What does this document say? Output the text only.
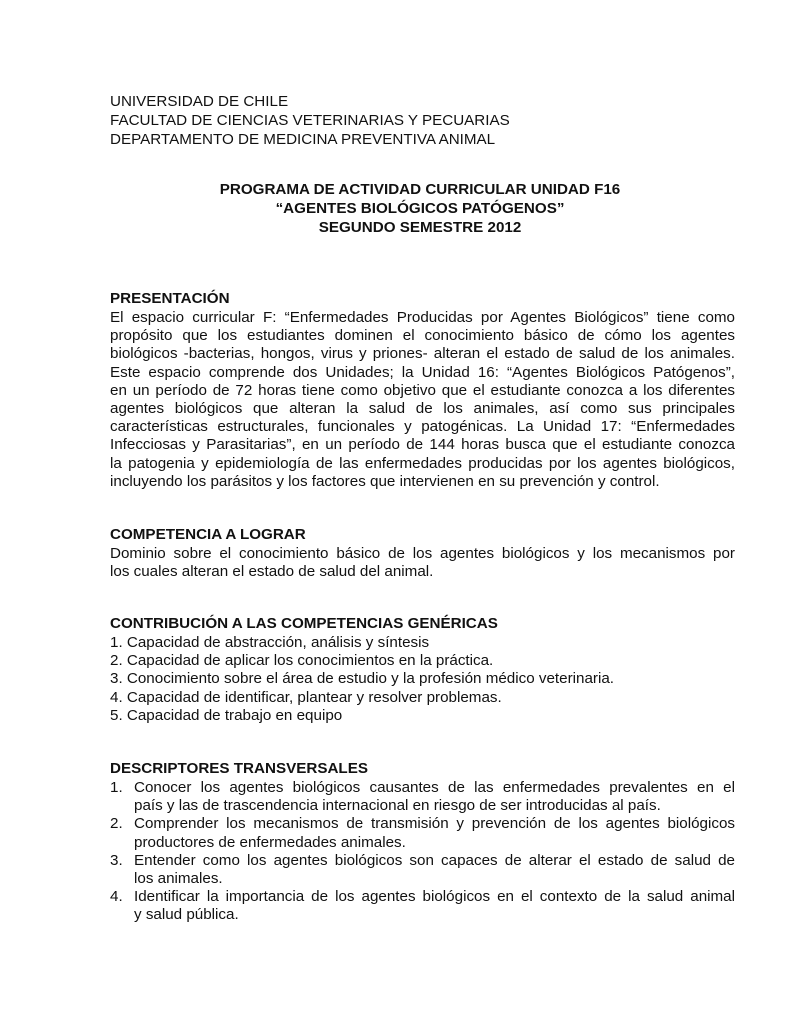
UNIVERSIDAD DE CHILE
FACULTAD DE CIENCIAS VETERINARIAS Y PECUARIAS
DEPARTAMENTO DE MEDICINA PREVENTIVA ANIMAL
PROGRAMA DE ACTIVIDAD CURRICULAR UNIDAD F16
“AGENTES BIOLÓGICOS PATÓGENOS”
SEGUNDO SEMESTRE 2012
PRESENTACIÓN
El espacio curricular F: “Enfermedades Producidas por Agentes Biológicos” tiene como
propósito que los estudiantes dominen el conocimiento básico de cómo los agentes
biológicos -bacterias, hongos, virus y priones- alteran el estado de salud de los animales.
Este espacio comprende dos Unidades; la Unidad 16: “Agentes Biológicos Patógenos”,
en un período de 72 horas tiene como objetivo que el estudiante conozca a los diferentes
agentes biológicos que alteran la salud de los animales, así como sus principales
características estructurales, funcionales y patogénicas. La Unidad 17: “Enfermedades
Infecciosas y Parasitarias”, en un período de 144 horas busca que el estudiante conozca
la patogenia y epidemiología de las enfermedades producidas por los agentes biológicos,
incluyendo los parásitos y los factores que intervienen en su prevención y control.
COMPETENCIA A LOGRAR
Dominio sobre el conocimiento básico de los agentes biológicos y los mecanismos por
los cuales alteran el estado de salud del animal.
CONTRIBUCIÓN A LAS COMPETENCIAS GENÉRICAS
1. Capacidad de abstracción, análisis y síntesis
2. Capacidad de aplicar los conocimientos en la práctica.
3. Conocimiento sobre el área de estudio y la profesión médico veterinaria.
4. Capacidad de identificar, plantear y resolver problemas.
5. Capacidad de trabajo en equipo
DESCRIPTORES TRANSVERSALES
1. Conocer los agentes biológicos causantes de las enfermedades prevalentes en el
país y las de trascendencia internacional en riesgo de ser introducidas al país.
2. Comprender los mecanismos de transmisión y prevención de los agentes biológicos
productores de enfermedades animales.
3. Entender como los agentes biológicos son capaces de alterar el estado de salud de
los animales.
4. Identificar la importancia de los agentes biológicos en el contexto de la salud animal
y salud pública.
